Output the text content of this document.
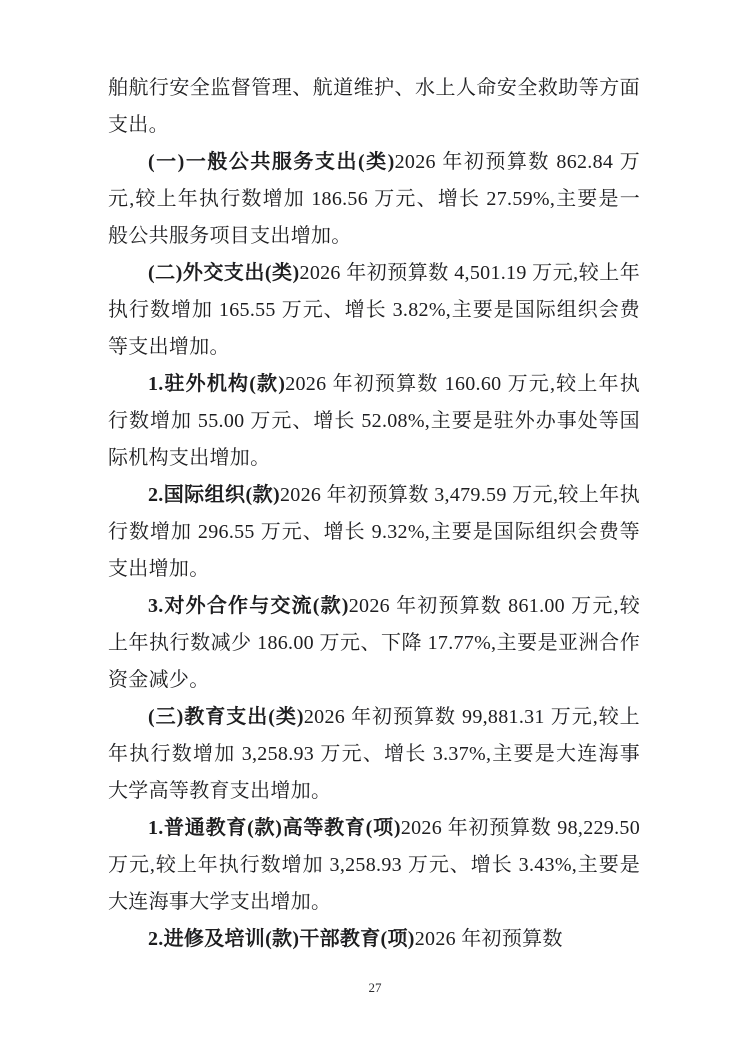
舶航行安全监督管理、航道维护、水上人命安全救助等方面支出。

(一)一般公共服务支出(类)2026 年初预算数 862.84 万元,较上年执行数增加 186.56 万元、增长 27.59%,主要是一般公共服务项目支出增加。

(二)外交支出(类)2026 年初预算数 4,501.19 万元,较上年执行数增加 165.55 万元、增长 3.82%,主要是国际组织会费等支出增加。

1.驻外机构(款)2026 年初预算数 160.60 万元,较上年执行数增加 55.00 万元、增长 52.08%,主要是驻外办事处等国际机构支出增加。

2.国际组织(款)2026 年初预算数 3,479.59 万元,较上年执行数增加 296.55 万元、增长 9.32%,主要是国际组织会费等支出增加。

3.对外合作与交流(款)2026 年初预算数 861.00 万元,较上年执行数减少 186.00 万元、下降 17.77%,主要是亚洲合作资金减少。

(三)教育支出(类)2026 年初预算数 99,881.31 万元,较上年执行数增加 3,258.93 万元、增长 3.37%,主要是大连海事大学高等教育支出增加。

1.普通教育(款)高等教育(项)2026 年初预算数 98,229.50 万元,较上年执行数增加 3,258.93 万元、增长 3.43%,主要是大连海事大学支出增加。

2.进修及培训(款)干部教育(项)2026 年初预算数

27
